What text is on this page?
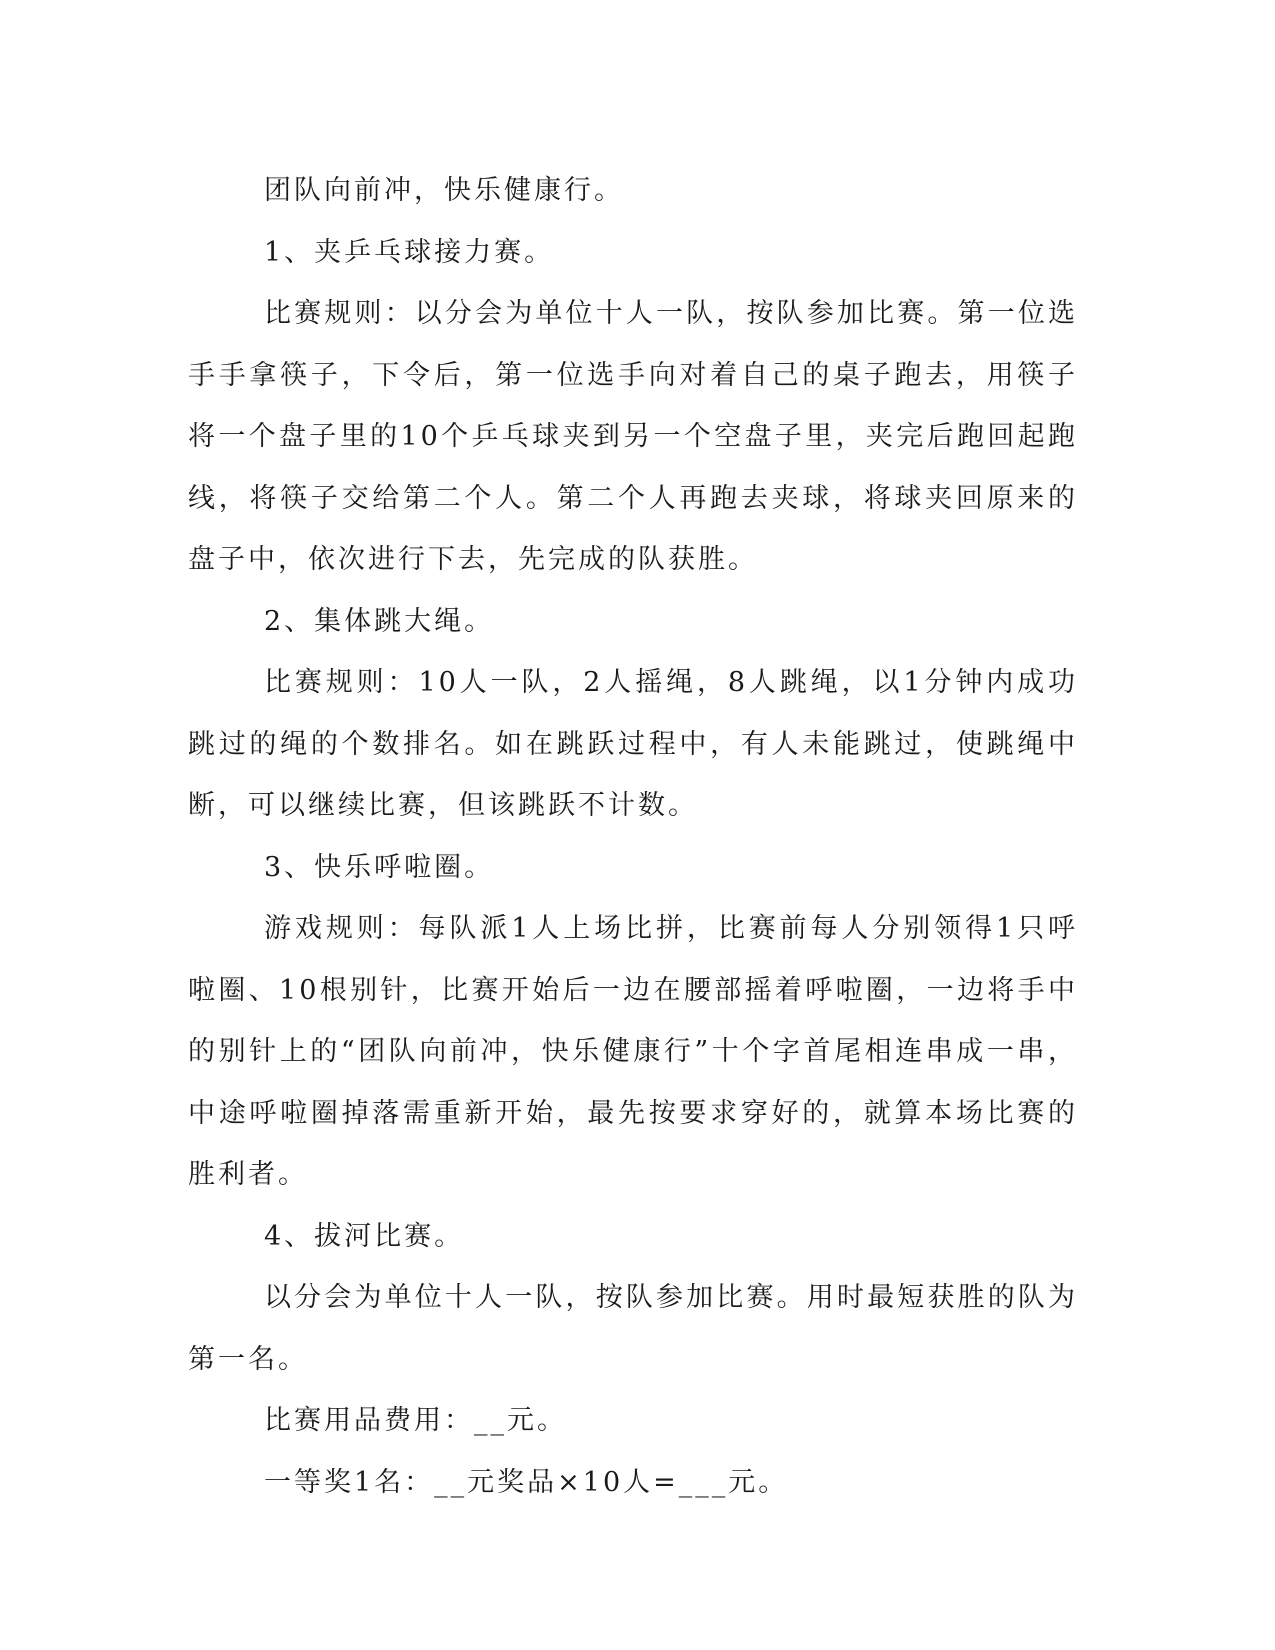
团队向前冲，快乐健康行。

1、夹乒乓球接力赛。

比赛规则：以分会为单位十人一队，按队参加比赛。第一位选手手拿筷子，下令后，第一位选手向对着自己的桌子跑去，用筷子将一个盘子里的10个乒乓球夹到另一个空盘子里，夹完后跑回起跑线，将筷子交给第二个人。第二个人再跑去夹球，将球夹回原来的盘子中，依次进行下去，先完成的队获胜。

2、集体跳大绳。

比赛规则：10人一队，2人摇绳，8人跳绳，以1分钟内成功跳过的绳的个数排名。如在跳跃过程中，有人未能跳过，使跳绳中断，可以继续比赛，但该跳跃不计数。

3、快乐呼啦圈。

游戏规则：每队派1人上场比拼，比赛前每人分别领得1只呼啦圈、10根别针，比赛开始后一边在腰部摇着呼啦圈，一边将手中的别针上的“团队向前冲，快乐健康行”十个字首尾相连串成一串，中途呼啦圈掉落需重新开始，最先按要求穿好的，就算本场比赛的胜利者。

4、拔河比赛。

以分会为单位十人一队，按队参加比赛。用时最短获胜的队为第一名。

比赛用品费用：__元。

一等奖1名：__元奖品×10人=___元。
